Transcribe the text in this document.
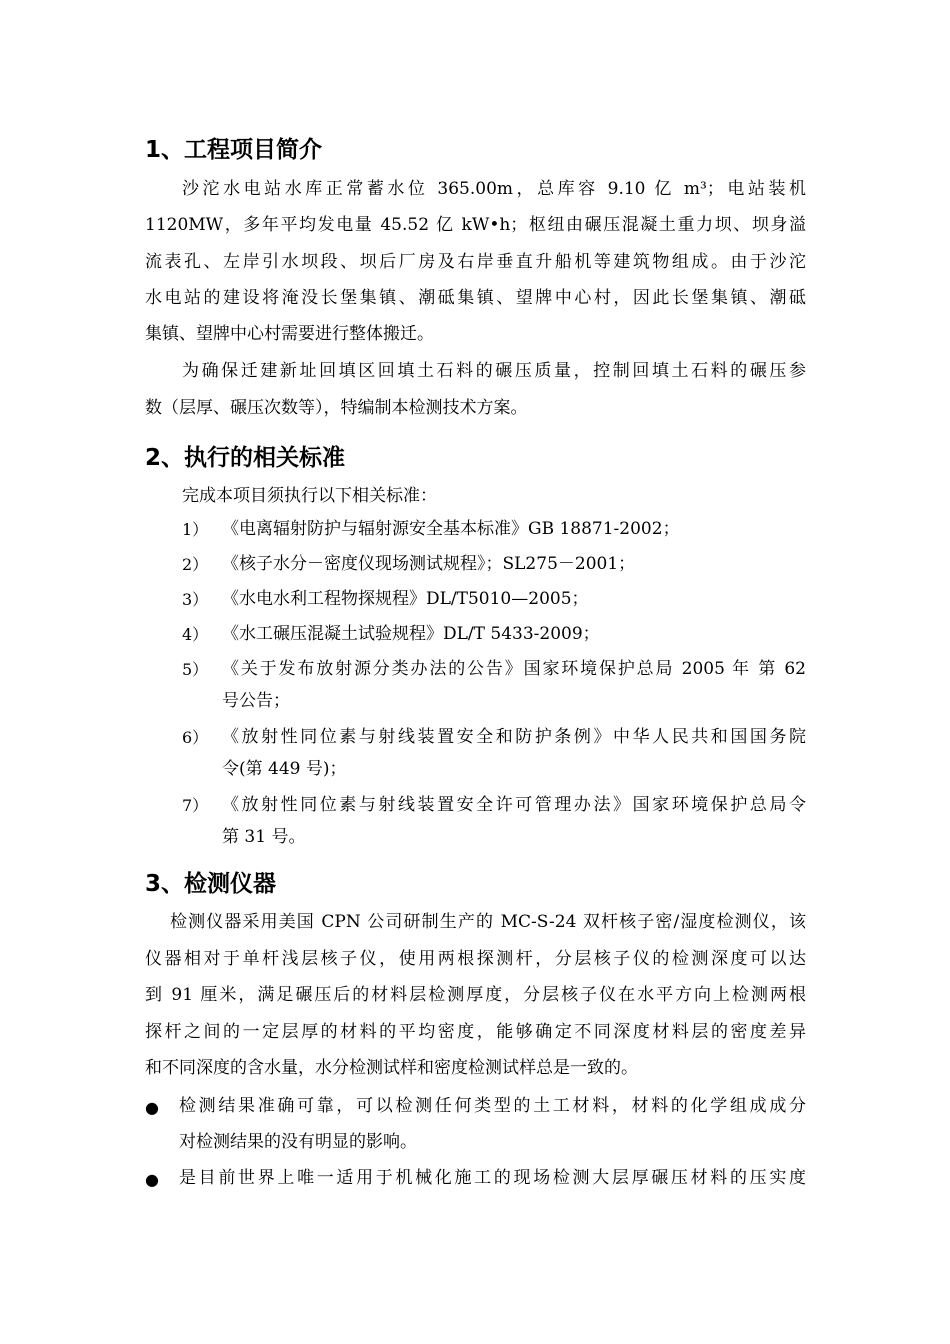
1、工程项目简介
沙沱水电站水库正常蓄水位 365.00m，总库容 9.10 亿 m³；电站装机
1120MW，多年平均发电量 45.52 亿 kW•h；枢纽由碾压混凝土重力坝、坝身溢
流表孔、左岸引水坝段、坝后厂房及右岸垂直升船机等建筑物组成。由于沙沱
水电站的建设将淹没长堡集镇、潮砥集镇、望牌中心村，因此长堡集镇、潮砥
集镇、望牌中心村需要进行整体搬迁。
为确保迁建新址回填区回填土石料的碾压质量，控制回填土石料的碾压参
数（层厚、碾压次数等），特编制本检测技术方案。
2、执行的相关标准
完成本项目须执行以下相关标准：
1） 《电离辐射防护与辐射源安全基本标准》GB 18871-2002；
2） 《核子水分－密度仪现场测试规程》；SL275－2001；
3） 《水电水利工程物探规程》DL/T5010—2005；
4） 《水工碾压混凝土试验规程》DL/T 5433-2009；
5） 《关于发布放射源分类办法的公告》国家环境保护总局 2005 年 第 62
号公告；
6） 《放射性同位素与射线装置安全和防护条例》中华人民共和国国务院
令(第 449 号)；
7） 《放射性同位素与射线装置安全许可管理办法》国家环境保护总局令
第 31 号。
3、检测仪器
检测仪器采用美国 CPN 公司研制生产的 MC-S-24 双杆核子密/湿度检测仪，该
仪器相对于单杆浅层核子仪，使用两根探测杆，分层核子仪的检测深度可以达
到 91 厘米，满足碾压后的材料层检测厚度，分层核子仪在水平方向上检测两根
探杆之间的一定层厚的材料的平均密度，能够确定不同深度材料层的密度差异
和不同深度的含水量，水分检测试样和密度检测试样总是一致的。
● 检测结果准确可靠，可以检测任何类型的土工材料，材料的化学组成成分
对检测结果的没有明显的影响。
● 是目前世界上唯一适用于机械化施工的现场检测大层厚碾压材料的压实度
